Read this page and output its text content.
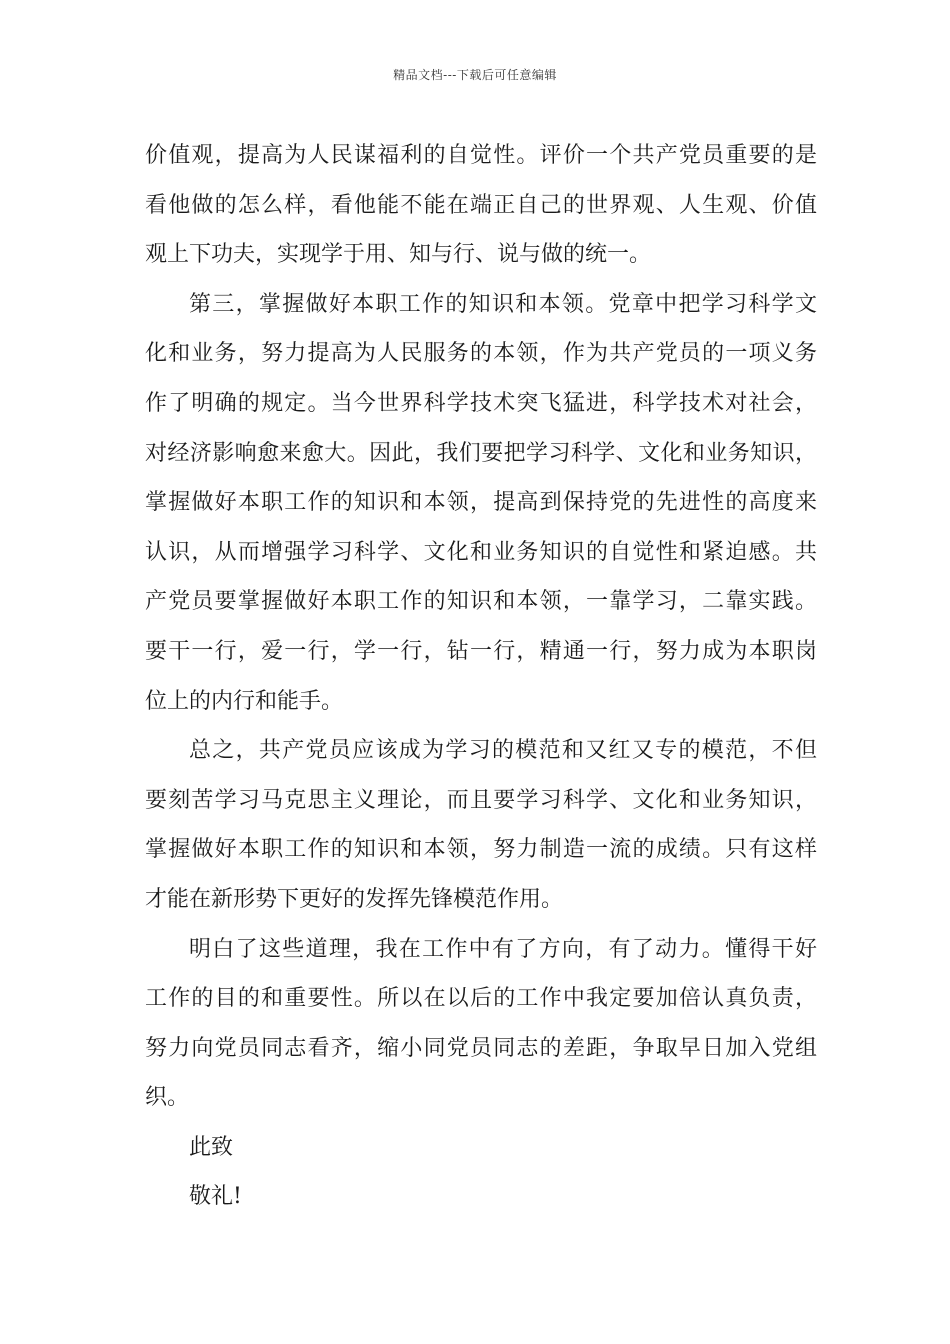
精品文档---下载后可任意编辑
价值观，提高为人民谋福利的自觉性。评价一个共产党员重要的是
看他做的怎么样，看他能不能在端正自己的世界观、人生观、价值
观上下功夫，实现学于用、知与行、说与做的统一。
第三，掌握做好本职工作的知识和本领。党章中把学习科学文
化和业务，努力提高为人民服务的本领，作为共产党员的一项义务
作了明确的规定。当今世界科学技术突飞猛进，科学技术对社会，
对经济影响愈来愈大。因此，我们要把学习科学、文化和业务知识，
掌握做好本职工作的知识和本领，提高到保持党的先进性的高度来
认识，从而增强学习科学、文化和业务知识的自觉性和紧迫感。共
产党员要掌握做好本职工作的知识和本领，一靠学习，二靠实践。
要干一行，爱一行，学一行，钻一行，精通一行，努力成为本职岗
位上的内行和能手。
总之，共产党员应该成为学习的模范和又红又专的模范，不但
要刻苦学习马克思主义理论，而且要学习科学、文化和业务知识，
掌握做好本职工作的知识和本领，努力制造一流的成绩。只有这样
才能在新形势下更好的发挥先锋模范作用。
明白了这些道理，我在工作中有了方向，有了动力。懂得干好
工作的目的和重要性。所以在以后的工作中我定要加倍认真负责，
努力向党员同志看齐，缩小同党员同志的差距，争取早日加入党组
织。
此致
敬礼!
